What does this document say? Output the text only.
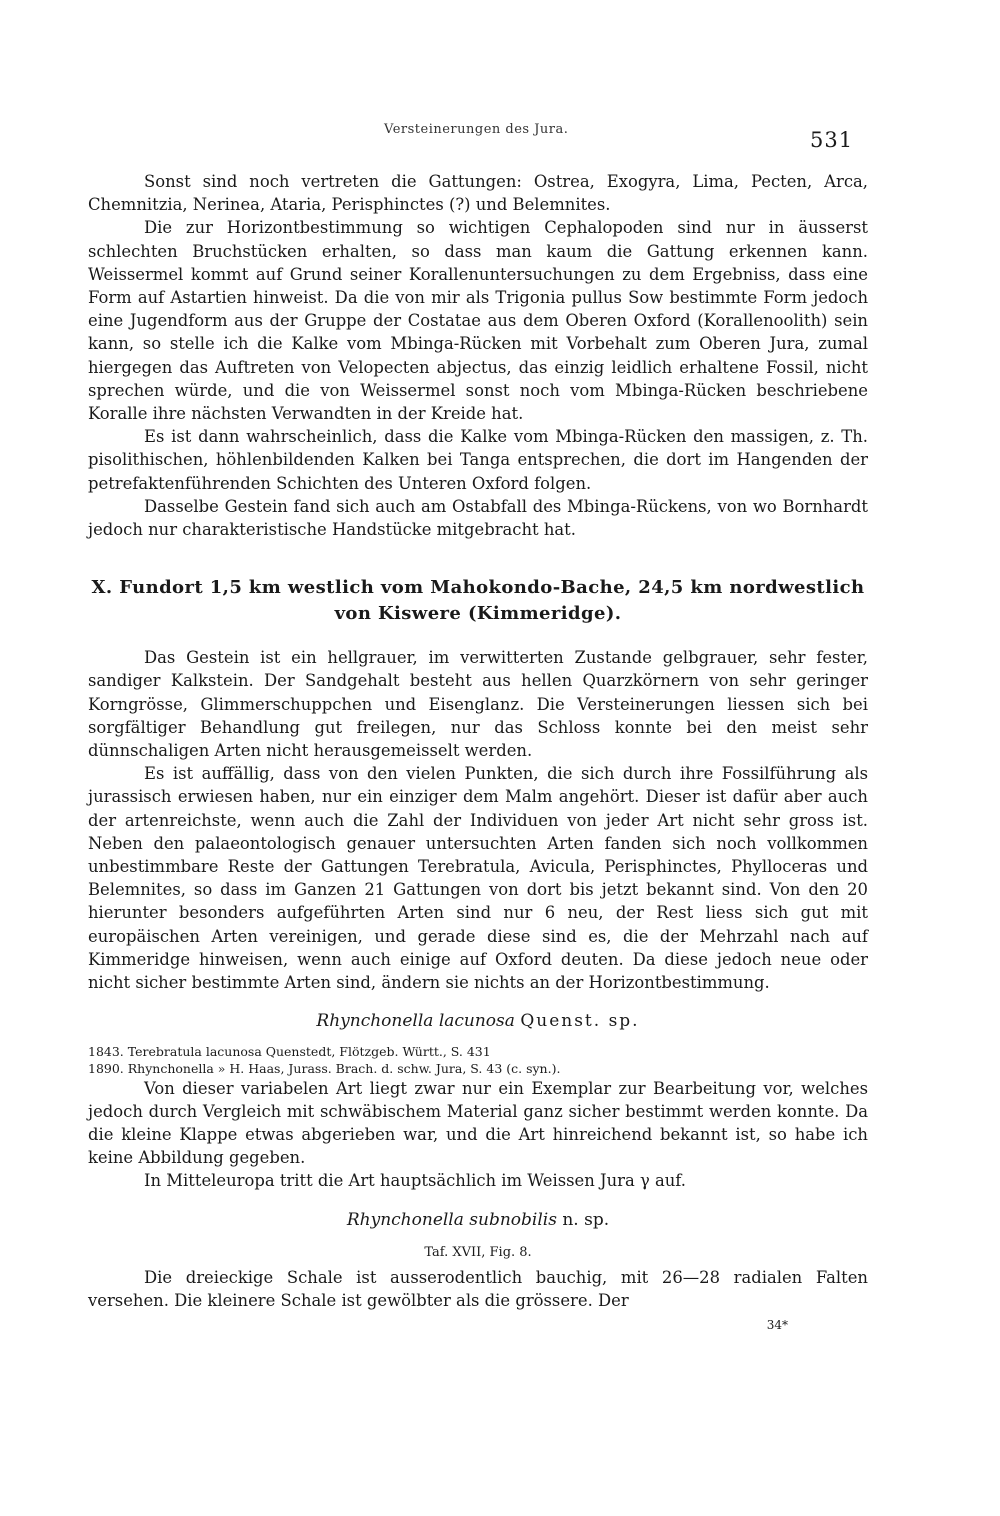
Versteinerungen des Jura.	531

Sonst sind noch vertreten die Gattungen: Ostrea, Exogyra, Lima, Pecten, Arca, Chemnitzia, Nerinea, Ataria, Perisphinctes (?) und Belemnites.

Die zur Horizontbestimmung so wichtigen Cephalopoden sind nur in äusserst schlechten Bruchstücken erhalten, so dass man kaum die Gattung erkennen kann. Weissermel kommt auf Grund seiner Korallenuntersuchungen zu dem Ergebniss, dass eine Form auf Astartien hinweist. Da die von mir als Trigonia pullus Sow bestimmte Form jedoch eine Jugendform aus der Gruppe der Costatae aus dem Oberen Oxford (Korallenoolith) sein kann, so stelle ich die Kalke vom Mbinga-Rücken mit Vorbehalt zum Oberen Jura, zumal hiergegen das Auftreten von Velopecten abjectus, das einzig leidlich erhaltene Fossil, nicht sprechen würde, und die von Weissermel sonst noch vom Mbinga-Rücken beschriebene Koralle ihre nächsten Verwandten in der Kreide hat.

Es ist dann wahrscheinlich, dass die Kalke vom Mbinga-Rücken den massigen, z. Th. pisolithischen, höhlenbildenden Kalken bei Tanga entsprechen, die dort im Hangenden der petrefaktenführenden Schichten des Unteren Oxford folgen.

Dasselbe Gestein fand sich auch am Ostabfall des Mbinga-Rückens, von wo Bornhardt jedoch nur charakteristische Handstücke mitgebracht hat.

X. Fundort 1,5 km westlich vom Mahokondo-Bache, 24,5 km nordwestlich von Kiswere (Kimmeridge).

Das Gestein ist ein hellgrauer, im verwitterten Zustande gelbgrauer, sehr fester, sandiger Kalkstein. Der Sandgehalt besteht aus hellen Quarzkörnern von sehr geringer Korngrösse, Glimmerschuppchen und Eisenglanz. Die Versteinerungen liessen sich bei sorgfältiger Behandlung gut freilegen, nur das Schloss konnte bei den meist sehr dünnschaligen Arten nicht herausgemeisselt werden.

Es ist auffällig, dass von den vielen Punkten, die sich durch ihre Fossilführung als jurassisch erwiesen haben, nur ein einziger dem Malm angehört. Dieser ist dafür aber auch der artenreichste, wenn auch die Zahl der Individuen von jeder Art nicht sehr gross ist. Neben den palaeontologisch genauer untersuchten Arten fanden sich noch vollkommen unbestimmbare Reste der Gattungen Terebratula, Avicula, Perisphinctes, Phylloceras und Belemnites, so dass im Ganzen 21 Gattungen von dort bis jetzt bekannt sind. Von den 20 hierunter besonders aufgeführten Arten sind nur 6 neu, der Rest liess sich gut mit europäischen Arten vereinigen, und gerade diese sind es, die der Mehrzahl nach auf Kimmeridge hinweisen, wenn auch einige auf Oxford deuten. Da diese jedoch neue oder nicht sicher bestimmte Arten sind, ändern sie nichts an der Horizontbestimmung.

Rhynchonella lacunosa Quenst. sp.

1843. Terebratula lacunosa Quenstedt, Flötzgeb. Württ., S. 431

1890. Rhynchonella » H. Haas, Jurass. Brach. d. schw. Jura, S. 43 (c. syn.).

Von dieser variabelen Art liegt zwar nur ein Exemplar zur Bearbeitung vor, welches jedoch durch Vergleich mit schwäbischem Material ganz sicher bestimmt werden konnte. Da die kleine Klappe etwas abgerieben war, und die Art hinreichend bekannt ist, so habe ich keine Abbildung gegeben.

In Mitteleuropa tritt die Art hauptsächlich im Weissen Jura γ auf.

Rhynchonella subnobilis n. sp.
Taf. XVII, Fig. 8.

Die dreieckige Schale ist ausserodentlich bauchig, mit 26—28 radialen Falten versehen. Die kleinere Schale ist gewölbter als die grössere. Der

34*
